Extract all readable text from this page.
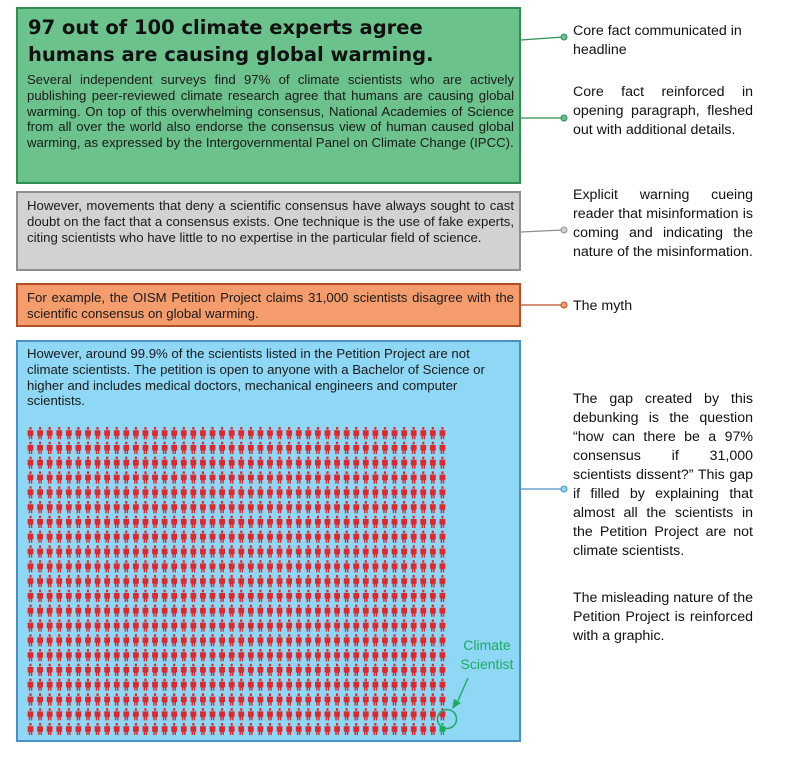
97 out of 100 climate experts agree humans are causing global warming.

Several independent surveys find 97% of climate scientists who are actively publishing peer-reviewed climate research agree that humans are causing global warming. On top of this overwhelming consensus, National Academies of Science from all over the world also endorse the consensus view of human caused global warming, as expressed by the Intergovernmental Panel on Climate Change (IPCC).

However, movements that deny a scientific consensus have always sought to cast doubt on the fact that a consensus exists. One technique is the use of fake experts, citing scientists who have little to no expertise in the particular field of science.

For example, the OISM Petition Project claims 31,000 scientists disagree with the scientific consensus on global warming.

However, around 99.9% of the scientists listed in the Petition Project are not climate scientists. The petition is open to anyone with a Bachelor of Science or higher and includes medical doctors, mechanical engineers and computer scientists.

Climate Scientist

Core fact communicated in headline

Core fact reinforced in opening paragraph, fleshed out with additional details.

Explicit warning cueing reader that misinformation is coming and indicating the nature of the misinformation.

The myth

The gap created by this debunking is the question “how can there be a 97% consensus if 31,000 scientists dissent?” This gap if filled by explaining that almost all the scientists in the Petition Project are not climate scientists.

The misleading nature of the Petition Project is reinforced with a graphic.
